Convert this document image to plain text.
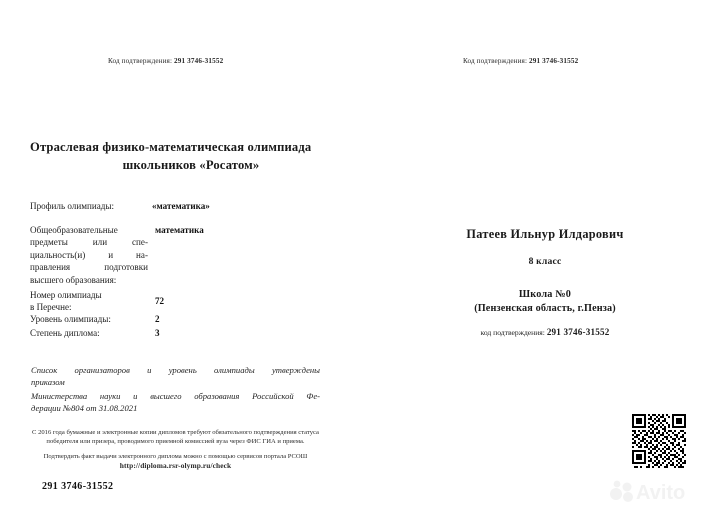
Код подтверждения: 291 3746-31552	Код подтверждения: 291 3746-31552
Отраслевая физико-математическая олимпиада
школьников «Росатом»
Профиль олимпиады:	«математика»
Общеобразовательные
предметы или спе-
циальность(и) и на-
правления подготовки
высшего образования:
математика
Номер олимпиады
в Перечне:
72
Уровень олимпиады:	2
Степень диплома:	3
Патеев Ильнур Илдарович
8 класс
Школа №0
(Пензенская область, г.Пенза)
код подтверждения: 291 3746-31552
Список организаторов и уровень олимпиады утверждены
приказом
Министерства науки и высшего образования Российской Фе-
дерации №804 от 31.08.2021
С 2016 года бумажные и электронные копии дипломов требуют обязательного подтверждения статуса победителя или призера, проводимого приемной комиссией вуза через ФИС ГИА и приема.
Подтвердить факт выдачи электронного диплома можно с помощью сервисов портала РСОШ http://diploma.rsr-olymp.ru/check
291 3746-31552	Avito
